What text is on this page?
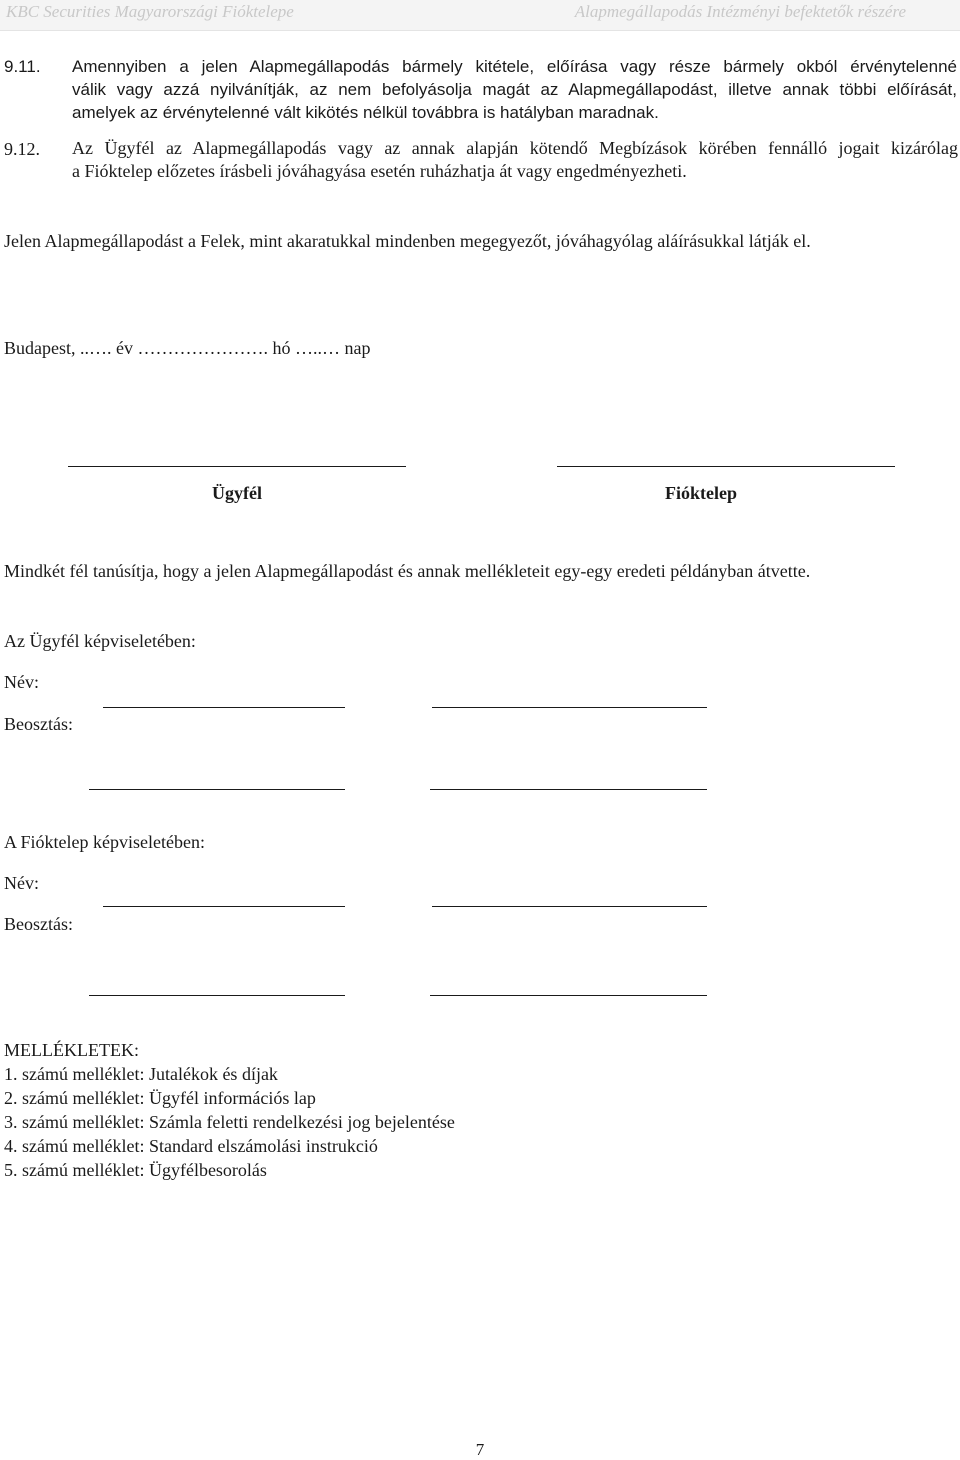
KBC Securities Magyarországi Fióktelepe	Alapmegállapodás Intézményi befektetők részére
9.11. Amennyiben a jelen Alapmegállapodás bármely kitétele, előírása vagy része bármely okból érvénytelenné
válik vagy azzá nyilvánítják, az nem befolyásolja magát az Alapmegállapodást, illetve annak többi előírását,
amelyek az érvénytelenné vált kikötés nélkül továbbra is hatályban maradnak.
9.12. Az Ügyfél az Alapmegállapodás vagy az annak alapján kötendő Megbízások körében fennálló jogait kizárólag
a Fióktelep előzetes írásbeli jóváhagyása esetén ruházhatja át vagy engedményezheti.
Jelen Alapmegállapodást a Felek, mint akaratukkal mindenben megegyezőt, jóváhagyólag aláírásukkal látják el.
Budapest, ..…. év …………………. hó …..… nap
Ügyfél	Fióktelep
Mindkét fél tanúsítja, hogy a jelen Alapmegállapodást és annak mellékleteit egy-egy eredeti példányban átvette.
Az Ügyfél képviseletében:
Név:
Beosztás:
A Fióktelep képviseletében:
Név:
Beosztás:
MELLÉKLETEK:
1. számú melléklet: Jutalékok és díjak
2. számú melléklet: Ügyfél információs lap
3. számú melléklet: Számla feletti rendelkezési jog bejelentése
4. számú melléklet: Standard elszámolási instrukció
5. számú melléklet: Ügyfélbesorolás
7
